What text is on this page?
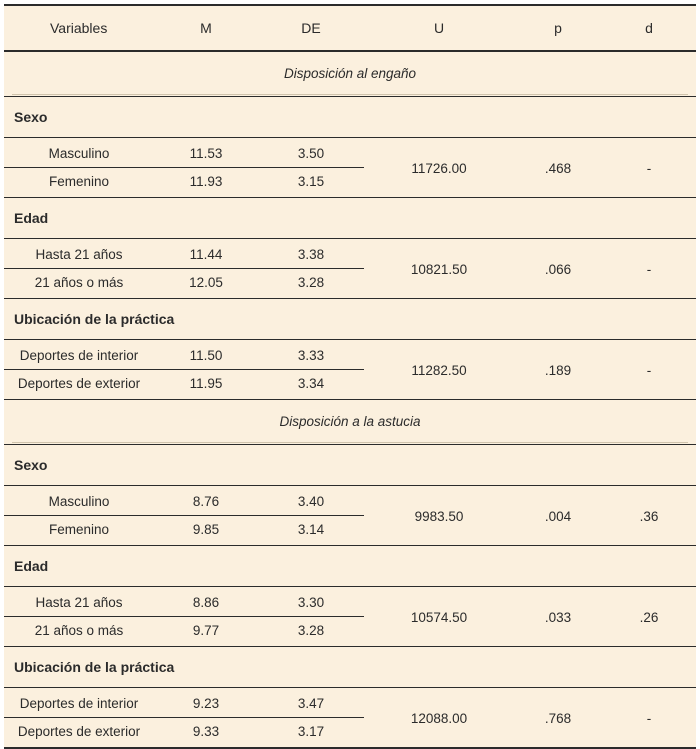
Variables	M	DE	U	p	d

Disposición al engaño					

Sexo					
Masculino	11.53	3.50	11726.00	.468	-
Femenino	11.93	3.15			
Edad					
Hasta 21 años	11.44	3.38	10821.50	.066	-
21 años o más	12.05	3.28			
Ubicación de la práctica					
Deportes de interior	11.50	3.33	11282.50	.189	-
Deportes de exterior	11.95	3.34			

Disposición a la astucia					

Sexo					
Masculino	8.76	3.40	9983.50	.004	.36
Femenino	9.85	3.14			
Edad					
Hasta 21 años	8.86	3.30	10574.50	.033	.26
21 años o más	9.77	3.28			
Ubicación de la práctica					
Deportes de interior	9.23	3.47	12088.00	.768	-
Deportes de exterior	9.33	3.17			
